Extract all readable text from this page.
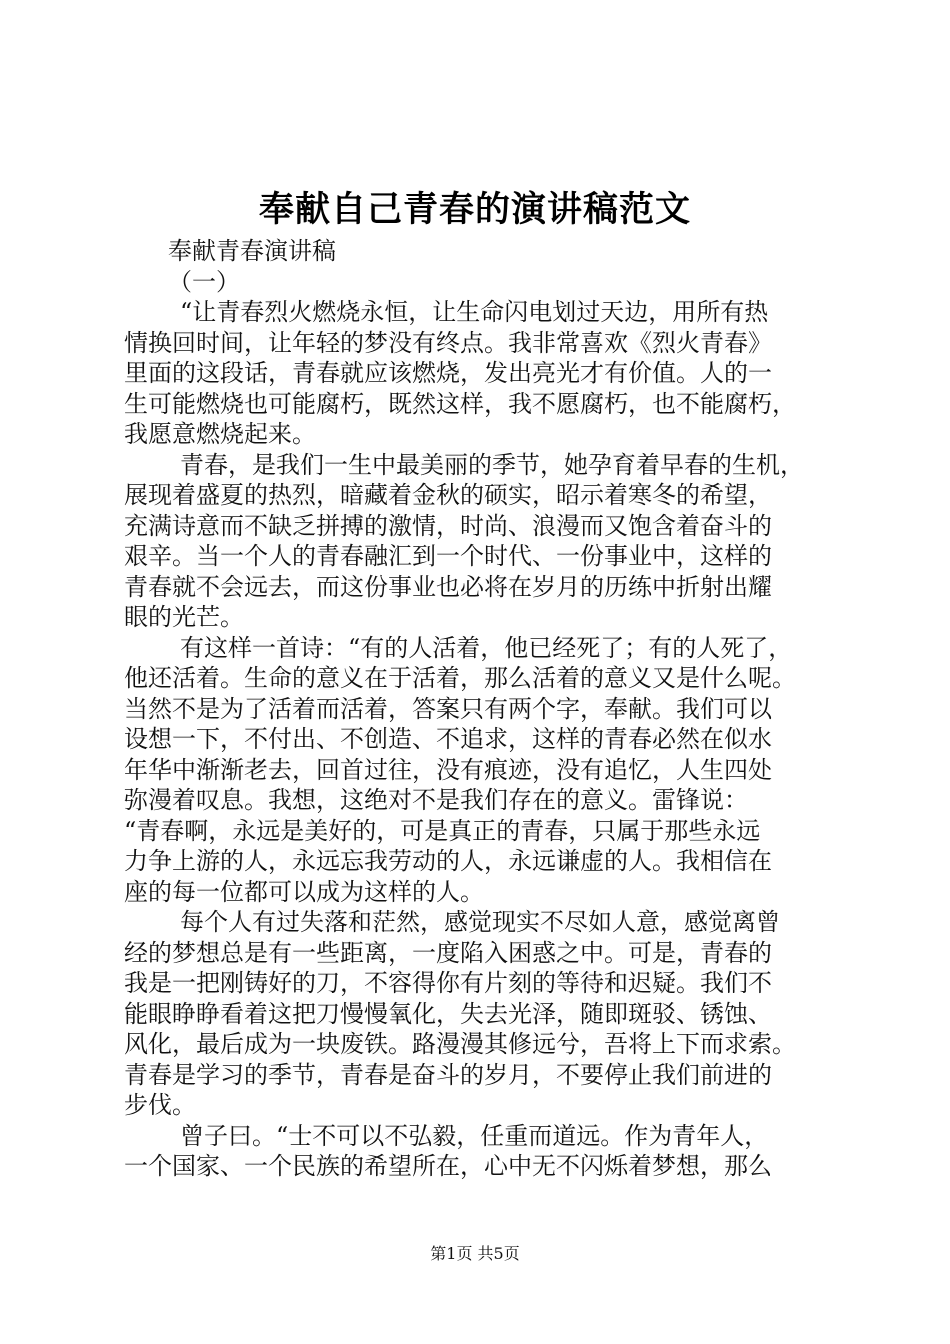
奉献自己青春的演讲稿范文
奉献青春演讲稿
（一）
“让青春烈火燃烧永恒，让生命闪电划过天边，用所有热
情换回时间，让年轻的梦没有终点。我非常喜欢《烈火青春》
里面的这段话，青春就应该燃烧，发出亮光才有价值。人的一
生可能燃烧也可能腐朽，既然这样，我不愿腐朽，也不能腐朽，
我愿意燃烧起来。
青春，是我们一生中最美丽的季节，她孕育着早春的生机，
展现着盛夏的热烈，暗藏着金秋的硕实，昭示着寒冬的希望，
充满诗意而不缺乏拼搏的激情，时尚、浪漫而又饱含着奋斗的
艰辛。当一个人的青春融汇到一个时代、一份事业中，这样的
青春就不会远去，而这份事业也必将在岁月的历练中折射出耀
眼的光芒。
有这样一首诗：“有的人活着，他已经死了；有的人死了，
他还活着。生命的意义在于活着，那么活着的意义又是什么呢。
当然不是为了活着而活着，答案只有两个字，奉献。我们可以
设想一下，不付出、不创造、不追求，这样的青春必然在似水
年华中渐渐老去，回首过往，没有痕迹，没有追忆，人生四处
弥漫着叹息。我想，这绝对不是我们存在的意义。雷锋说：
“青春啊，永远是美好的，可是真正的青春，只属于那些永远
力争上游的人，永远忘我劳动的人，永远谦虚的人。我相信在
座的每一位都可以成为这样的人。
每个人有过失落和茫然，感觉现实不尽如人意，感觉离曾
经的梦想总是有一些距离，一度陷入困惑之中。可是，青春的
我是一把刚铸好的刀，不容得你有片刻的等待和迟疑。我们不
能眼睁睁看着这把刀慢慢氧化，失去光泽，随即斑驳、锈蚀、
风化，最后成为一块废铁。路漫漫其修远兮，吾将上下而求索。
青春是学习的季节，青春是奋斗的岁月，不要停止我们前进的
步伐。
曾子曰。“士不可以不弘毅，任重而道远。作为青年人，
一个国家、一个民族的希望所在，心中无不闪烁着梦想，那么
第1页 共5页
